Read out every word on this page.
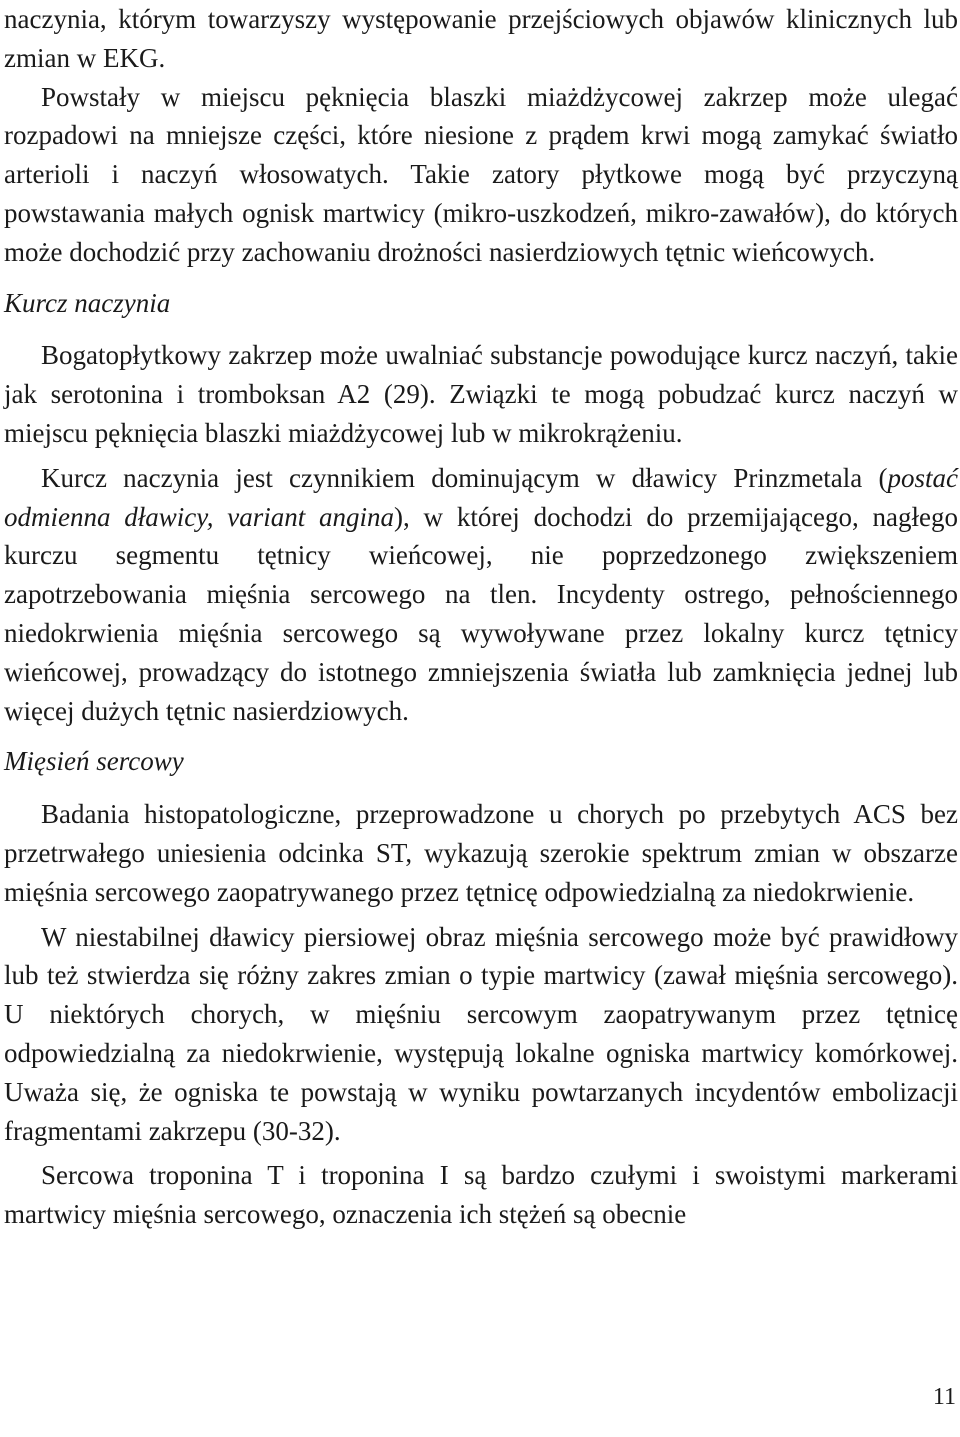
naczynia, którym towarzyszy występowanie przejściowych objawów klinicznych lub zmian w EKG.

Powstały w miejscu pęknięcia blaszki miażdżycowej zakrzep może ulegać rozpadowi na mniejsze części, które niesione z prądem krwi mogą zamykać światło arterioli i naczyń włosowatych. Takie zatory płytkowe mogą być przyczyną powstawania małych ognisk martwicy (mikro-uszkodzeń, mikro-zawałów), do których może dochodzić przy zachowaniu drożności nasierdziowych tętnic wieńcowych.

Kurcz naczynia

Bogatopłytkowy zakrzep może uwalniać substancje powodujące kurcz naczyń, takie jak serotonina i tromboksan A2 (29). Związki te mogą pobudzać kurcz naczyń w miejscu pęknięcia blaszki miażdżycowej lub w mikrokrążeniu.

Kurcz naczynia jest czynnikiem dominującym w dławicy Prinzmetala (postać odmienna dławicy, variant angina), w której dochodzi do przemijającego, nagłego kurczu segmentu tętnicy wieńcowej, nie poprzedzonego zwiększeniem zapotrzebowania mięśnia sercowego na tlen. Incydenty ostrego, pełnościennego niedokrwienia mięśnia sercowego są wywoływane przez lokalny kurcz tętnicy wieńcowej, prowadzący do istotnego zmniejszenia światła lub zamknięcia jednej lub więcej dużych tętnic nasierdziowych.

Mięsień sercowy

Badania histopatologiczne, przeprowadzone u chorych po przebytych ACS bez przetrwałego uniesienia odcinka ST, wykazują szerokie spektrum zmian w obszarze mięśnia sercowego zaopatrywanego przez tętnicę odpowiedzialną za niedokrwienie.

W niestabilnej dławicy piersiowej obraz mięśnia sercowego może być prawidłowy lub też stwierdza się różny zakres zmian o typie martwicy (zawał mięśnia sercowego). U niektórych chorych, w mięśniu sercowym zaopatrywanym przez tętnicę odpowiedzialną za niedokrwienie, występują lokalne ogniska martwicy komórkowej. Uważa się, że ogniska te powstają w wyniku powtarzanych incydentów embolizacji fragmentami zakrzepu (30-32).

Sercowa troponina T i troponina I są bardzo czułymi i swoistymi markerami martwicy mięśnia sercowego, oznaczenia ich stężeń są obecnie

11
